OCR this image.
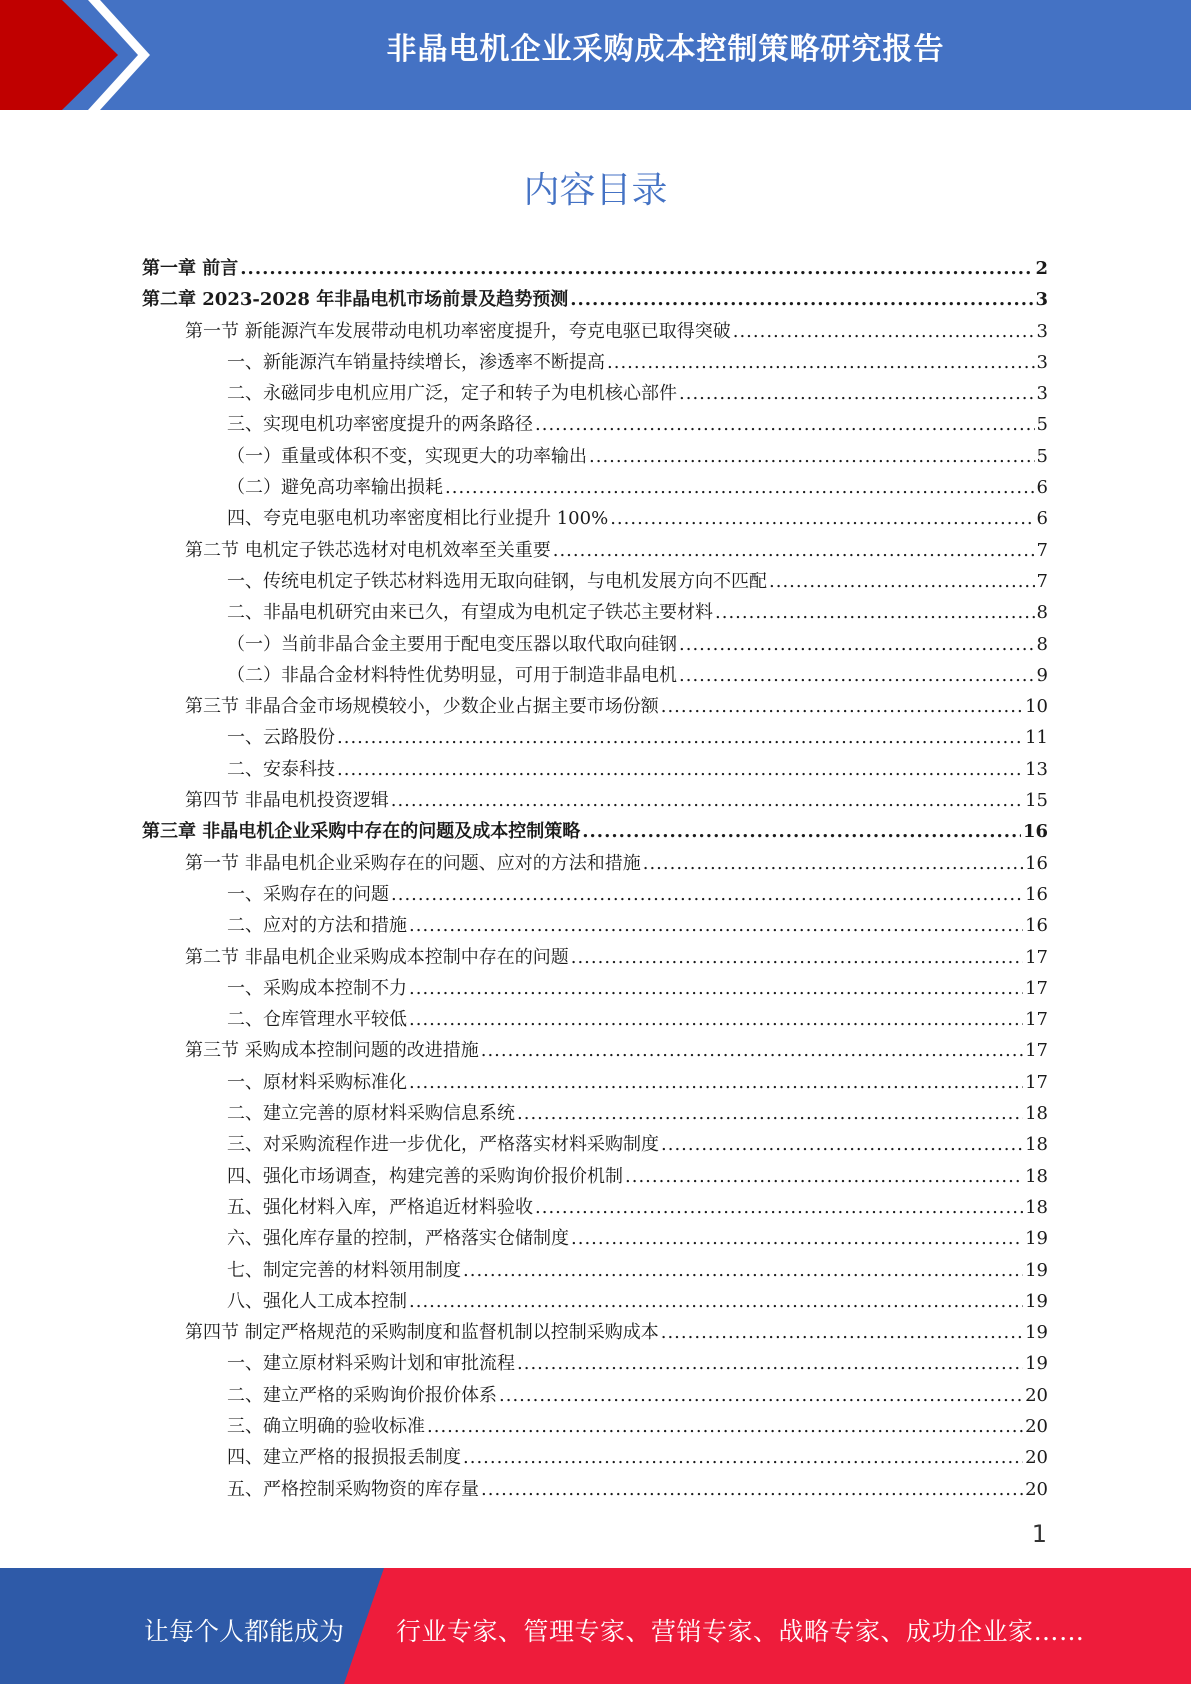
非晶电机企业采购成本控制策略研究报告
内容目录
第一章 前言 .....	2
第二章 2023-2028 年非晶电机市场前景及趋势预测 .....	3
第一节 新能源汽车发展带动电机功率密度提升，夸克电驱已取得突破 .....	3
一、新能源汽车销量持续增长，渗透率不断提高 .....	3
二、永磁同步电机应用广泛，定子和转子为电机核心部件 .....	3
三、实现电机功率密度提升的两条路径 .....	5
（一）重量或体积不变，实现更大的功率输出 .....	5
（二）避免高功率输出损耗 .....	6
四、夸克电驱电机功率密度相比行业提升 100% .....	6
第二节 电机定子铁芯选材对电机效率至关重要 .....	7
一、传统电机定子铁芯材料选用无取向硅钢，与电机发展方向不匹配 .....	7
二、非晶电机研究由来已久，有望成为电机定子铁芯主要材料 .....	8
（一）当前非晶合金主要用于配电变压器以取代取向硅钢 .....	8
（二）非晶合金材料特性优势明显，可用于制造非晶电机 .....	9
第三节 非晶合金市场规模较小，少数企业占据主要市场份额 .....	10
一、云路股份 .....	11
二、安泰科技 .....	13
第四节 非晶电机投资逻辑 .....	15
第三章 非晶电机企业采购中存在的问题及成本控制策略 .....	16
第一节 非晶电机企业采购存在的问题、应对的方法和措施 .....	16
一、采购存在的问题 .....	16
二、应对的方法和措施 .....	16
第二节 非晶电机企业采购成本控制中存在的问题 .....	17
一、采购成本控制不力 .....	17
二、仓库管理水平较低 .....	17
第三节 采购成本控制问题的改进措施 .....	17
一、原材料采购标准化 .....	17
二、建立完善的原材料采购信息系统 .....	18
三、对采购流程作进一步优化，严格落实材料采购制度 .....	18
四、强化市场调查，构建完善的采购询价报价机制 .....	18
五、强化材料入库，严格追近材料验收 .....	18
六、强化库存量的控制，严格落实仓储制度 .....	19
七、制定完善的材料领用制度 .....	19
八、强化人工成本控制 .....	19
第四节 制定严格规范的采购制度和监督机制以控制采购成本 .....	19
一、建立原材料采购计划和审批流程 .....	19
二、建立严格的采购询价报价体系 .....	20
三、确立明确的验收标准 .....	20
四、建立严格的报损报丢制度 .....	20
五、严格控制采购物资的库存量 .....	20
1
让每个人都能成为 行业专家、管理专家、营销专家、战略专家、成功企业家……
